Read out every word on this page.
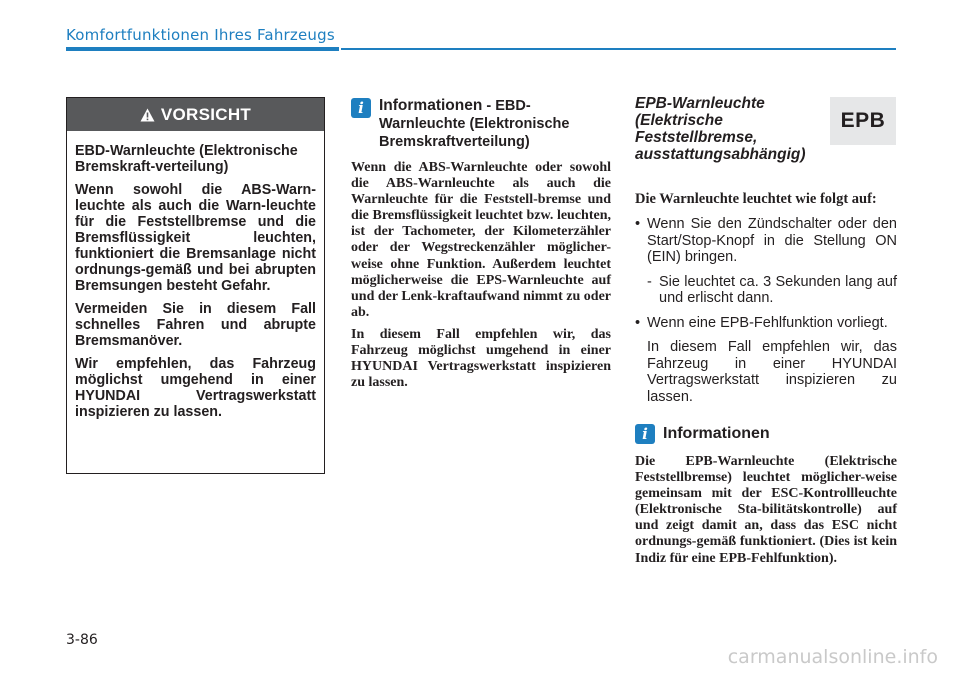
Komfortfunktionen Ihres Fahrzeugs
VORSICHT

EBD-Warnleuchte (Elektronische Bremskraft-verteilung)

Wenn sowohl die ABS-Warn-leuchte als auch die Warn-leuchte für die Feststellbremse und die Bremsflüssigkeit leuchten, funktioniert die Bremsanlage nicht ordnungs-gemäß und bei abrupten Bremsungen besteht Gefahr.

Vermeiden Sie in diesem Fall schnelles Fahren und abrupte Bremsmanöver.

Wir empfehlen, das Fahrzeug möglichst umgehend in einer HYUNDAI Vertragswerkstatt inspizieren zu lassen.

i Informationen - EBD-Warnleuchte (Elektronische Bremskraftverteilung)

Wenn die ABS-Warnleuchte oder sowohl die ABS-Warnleuchte als auch die Warnleuchte für die Feststell-bremse und die Bremsflüssigkeit leuchtet bzw. leuchten, ist der Tachometer, der Kilometerzähler oder der Wegstreckenzähler möglicher-weise ohne Funktion. Außerdem leuchtet möglicherweise die EPS-Warnleuchte auf und der Lenk-kraftaufwand nimmt zu oder ab.

In diesem Fall empfehlen wir, das Fahrzeug möglichst umgehend in einer HYUNDAI Vertragswerkstatt inspizieren zu lassen.

EPB-Warnleuchte (Elektrische Feststellbremse, ausstattungsabhängig)
EPB

Die Warnleuchte leuchtet wie folgt auf:

• Wenn Sie den Zündschalter oder den Start/Stop-Knopf in die Stellung ON (EIN) bringen.
- Sie leuchtet ca. 3 Sekunden lang auf und erlischt dann.
• Wenn eine EPB-Fehlfunktion vorliegt.
In diesem Fall empfehlen wir, das Fahrzeug in einer HYUNDAI Vertragswerkstatt inspizieren zu lassen.
i Informationen
Die EPB-Warnleuchte (Elektrische Feststellbremse) leuchtet möglicher-weise gemeinsam mit der ESC-Kontrollleuchte (Elektronische Sta-bilitätskontrolle) auf und zeigt damit an, dass das ESC nicht ordnungs-gemäß funktioniert. (Dies ist kein Indiz für eine EPB-Fehlfunktion).
3-86
carmanualsonline.info
